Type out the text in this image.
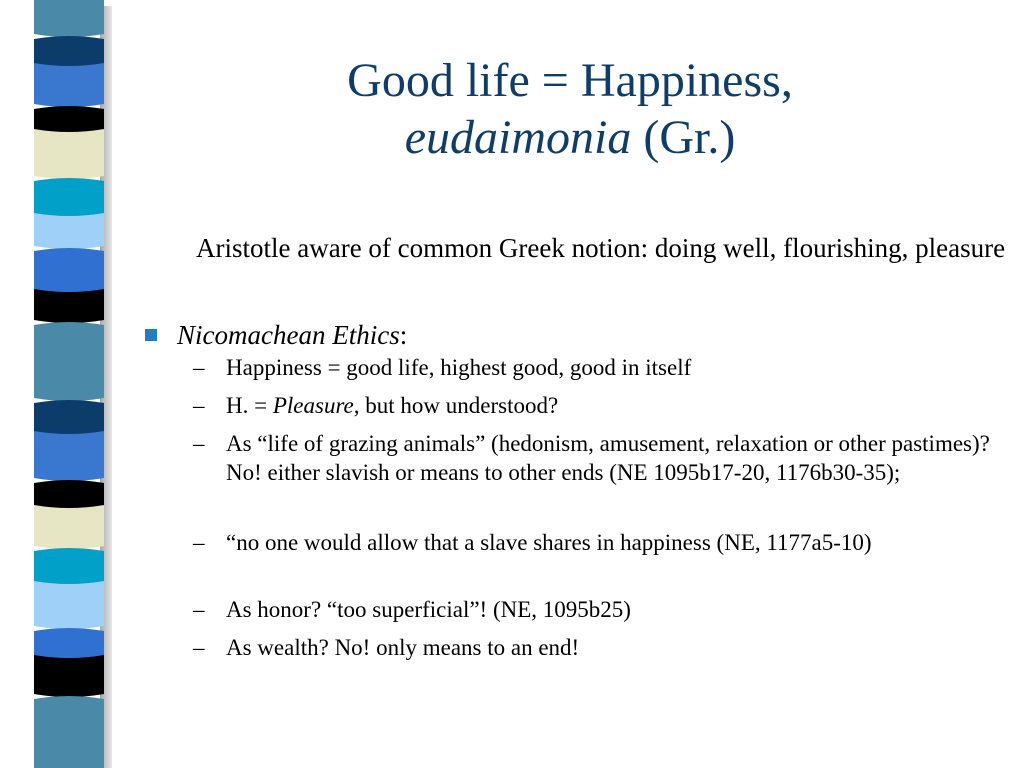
Good life = Happiness,
eudaimonia (Gr.)
Aristotle aware of common Greek notion: doing well, flourishing, pleasure
Nicomachean Ethics:
– Happiness = good life, highest good, good in itself
– H. = Pleasure, but how understood?
– As “life of grazing animals” (hedonism, amusement, relaxation or other pastimes)? No! either slavish or means to other ends (NE 1095b17-20, 1176b30-35);
– “no one would allow that a slave shares in happiness (NE, 1177a5-10)
– As honor? “too superficial”! (NE, 1095b25)
– As wealth? No! only means to an end!
